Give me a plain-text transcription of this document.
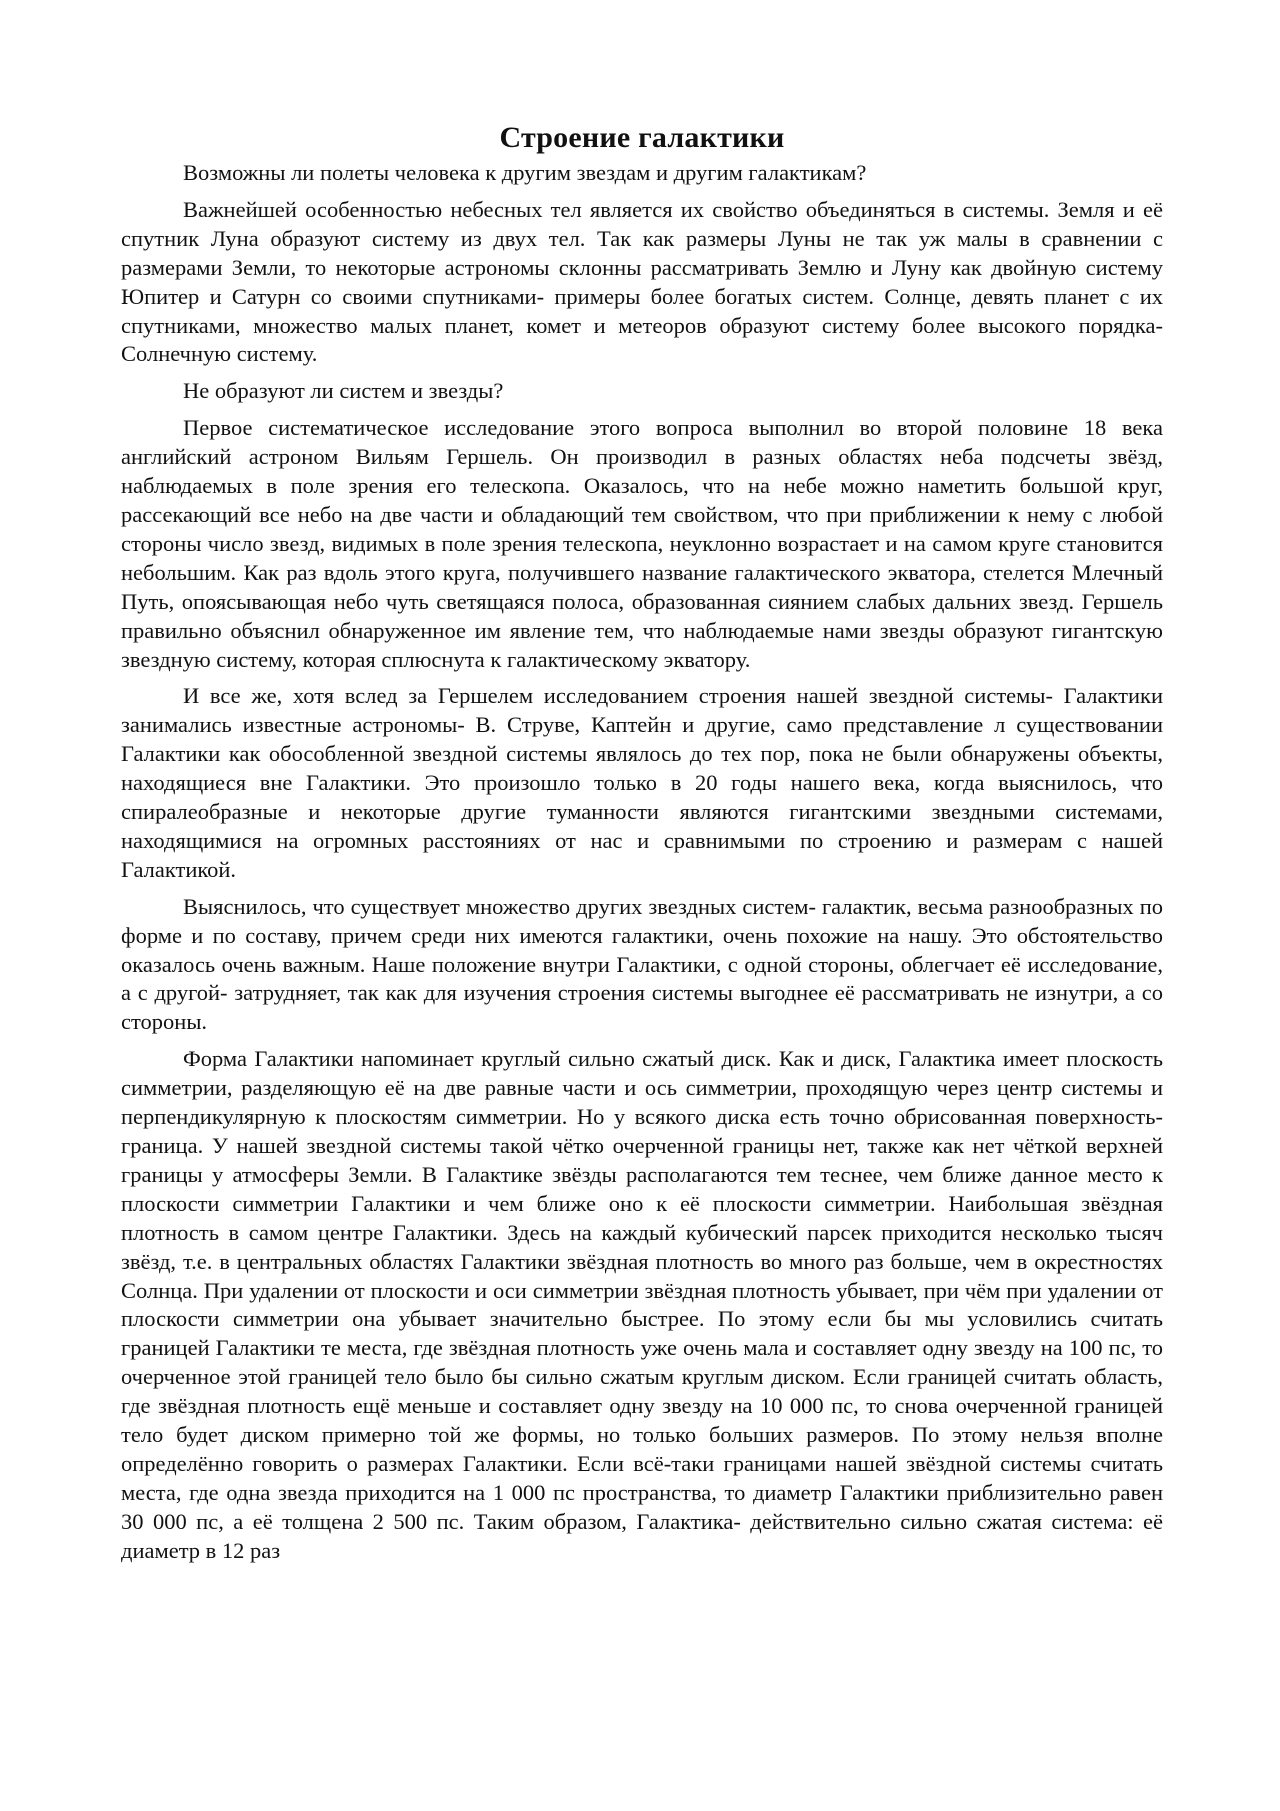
Строение галактики

Возможны ли полеты человека к другим звездам и другим галактикам?

Важнейшей особенностью небесных тел является их свойство объединяться в системы. Земля и её спутник Луна образуют систему из двух тел. Так как размеры Луны не так уж малы в сравнении с размерами Земли, то некоторые астрономы склонны рассматривать Землю и Луну как двойную систему Юпитер и Сатурн со своими спутниками- примеры более богатых систем. Солнце, девять планет с их спутниками, множество малых планет, комет и метеоров образуют систему более высокого порядка- Солнечную систему.

Не образуют ли систем и звезды?

Первое систематическое исследование этого вопроса выполнил во второй половине 18 века английский астроном Вильям Гершель. Он производил в разных областях неба подсчеты звёзд, наблюдаемых в поле зрения его телескопа. Оказалось, что на небе можно наметить большой круг, рассекающий все небо на две части и обладающий тем свойством, что при приближении к нему с любой стороны число звезд, видимых в поле зрения телескопа, неуклонно возрастает и на самом круге становится небольшим. Как раз вдоль этого круга, получившего название галактического экватора, стелется Млечный Путь, опоясывающая небо чуть светящаяся полоса, образованная сиянием слабых дальних звезд. Гершель правильно объяснил обнаруженное им явление тем, что наблюдаемые нами звезды образуют гигантскую звездную систему, которая сплюснута к галактическому экватору.

И все же, хотя вслед за Гершелем исследованием строения нашей звездной системы- Галактики занимались известные астрономы- В. Струве, Каптейн и другие, само представление л существовании Галактики как обособленной звездной системы являлось до тех пор, пока не были обнаружены объекты, находящиеся вне Галактики. Это произошло только в 20 годы нашего века, когда выяснилось, что спиралеобразные и некоторые другие туманности являются гигантскими звездными системами, находящимися на огромных расстояниях от нас и сравнимыми по строению и размерам с нашей Галактикой.

Выяснилось, что существует множество других звездных систем- галактик, весьма разнообразных по форме и по составу, причем среди них имеются галактики, очень похожие на нашу. Это обстоятельство оказалось очень важным. Наше положение внутри Галактики, с одной стороны, облегчает её исследование, а с другой- затрудняет, так как для изучения строения системы выгоднее её рассматривать не изнутри, а со стороны.

Форма Галактики напоминает круглый сильно сжатый диск. Как и диск, Галактика имеет плоскость симметрии, разделяющую её на две равные части и ось симметрии, проходящую через центр системы и перпендикулярную к плоскостям симметрии. Но у всякого диска есть точно обрисованная поверхность- граница. У нашей звездной системы такой чётко очерченной границы нет, также как нет чёткой верхней границы у атмосферы Земли. В Галактике звёзды располагаются тем теснее, чем ближе данное место к плоскости симметрии Галактики и чем ближе оно к её плоскости симметрии. Наибольшая звёздная плотность в самом центре Галактики. Здесь на каждый кубический парсек приходится несколько тысяч звёзд, т.е. в центральных областях Галактики звёздная плотность во много раз больше, чем в окрестностях Солнца. При удалении от плоскости и оси симметрии звёздная плотность убывает, при чём при удалении от плоскости симметрии она убывает значительно быстрее. По этому если бы мы условились считать границей Галактики те места, где звёздная плотность уже очень мала и составляет одну звезду на 100 пс, то очерченное этой границей тело было бы сильно сжатым круглым диском. Если границей считать область, где звёздная плотность ещё меньше и составляет одну звезду на 10 000 пс, то снова очерченной границей тело будет диском примерно той же формы, но только больших размеров. По этому нельзя вполне определённо говорить о размерах Галактики. Если всё-таки границами нашей звёздной системы считать места, где одна звезда приходится на 1 000 пс пространства, то диаметр Галактики приблизительно равен 30 000 пс, а её толщена 2 500 пс. Таким образом, Галактика- действительно сильно сжатая система: её диаметр в 12 раз
